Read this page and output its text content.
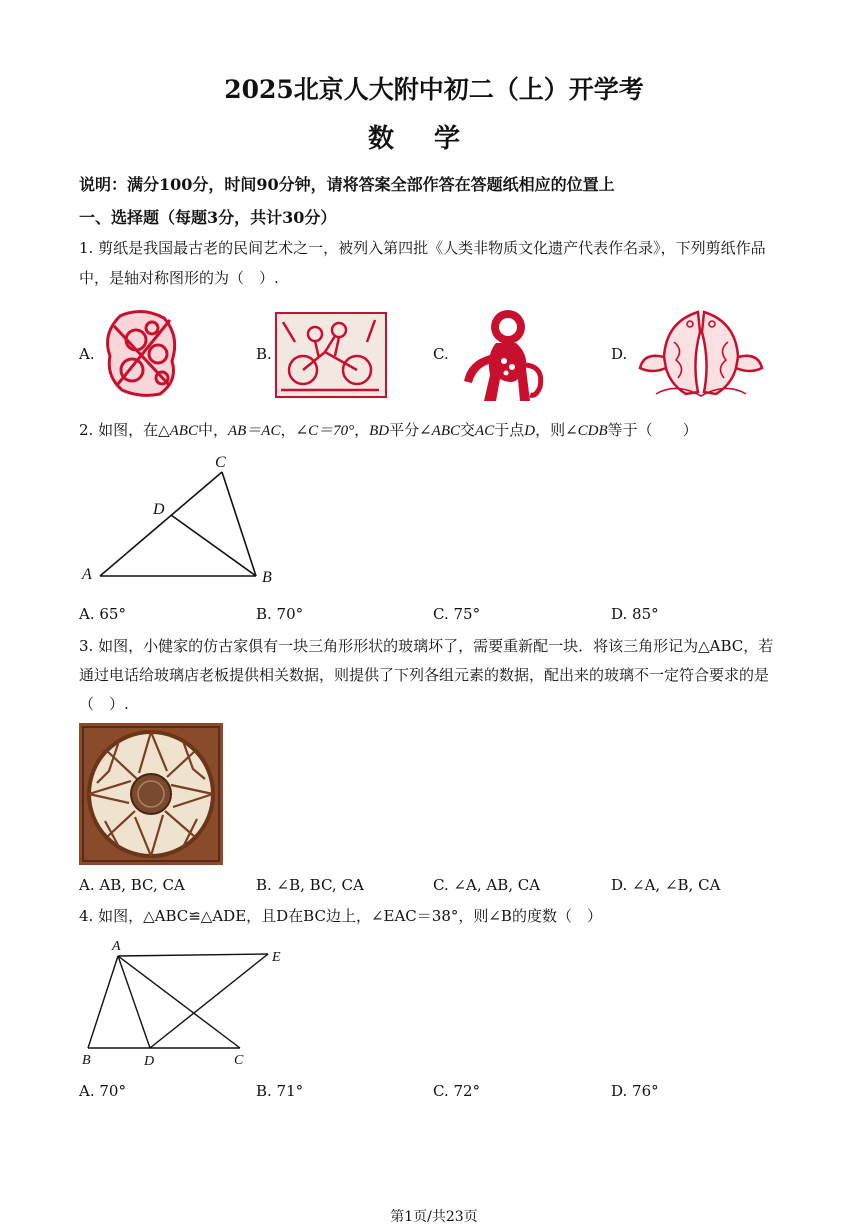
2025北京人大附中初二（上）开学考
数学
说明：满分100分，时间90分钟，请将答案全部作答在答题纸相应的位置上
一、选择题（每题3分，共计30分）
1. 剪纸是我国最古老的民间艺术之一，被列入第四批《人类非物质文化遗产代表作名录》，下列剪纸作品
中，是轴对称图形的为（　）.
A.	B.	C.	D.
2. 如图，在△ABC中，AB＝AC，∠C＝70°，BD平分∠ABC交AC于点D，则∠CDB等于（　　）
C
D
A	B
A. 65°	B. 70°	C. 75°	D. 85°
3. 如图，小健家的仿古家俱有一块三角形形状的玻璃坏了，需要重新配一块．将该三角形记为△ABC，若
通过电话给玻璃店老板提供相关数据，则提供了下列各组元素的数据，配出来的玻璃不一定符合要求的是
（　）.
A. AB, BC, CA	B. ∠B, BC, CA	C. ∠A, AB, CA	D. ∠A, ∠B, CA
4. 如图，△ABC≌△ADE，且D在BC边上，∠EAC＝38°，则∠B的度数（　）
A
E
B	D	C
A. 70°	B. 71°	C. 72°	D. 76°
第1页/共23页
